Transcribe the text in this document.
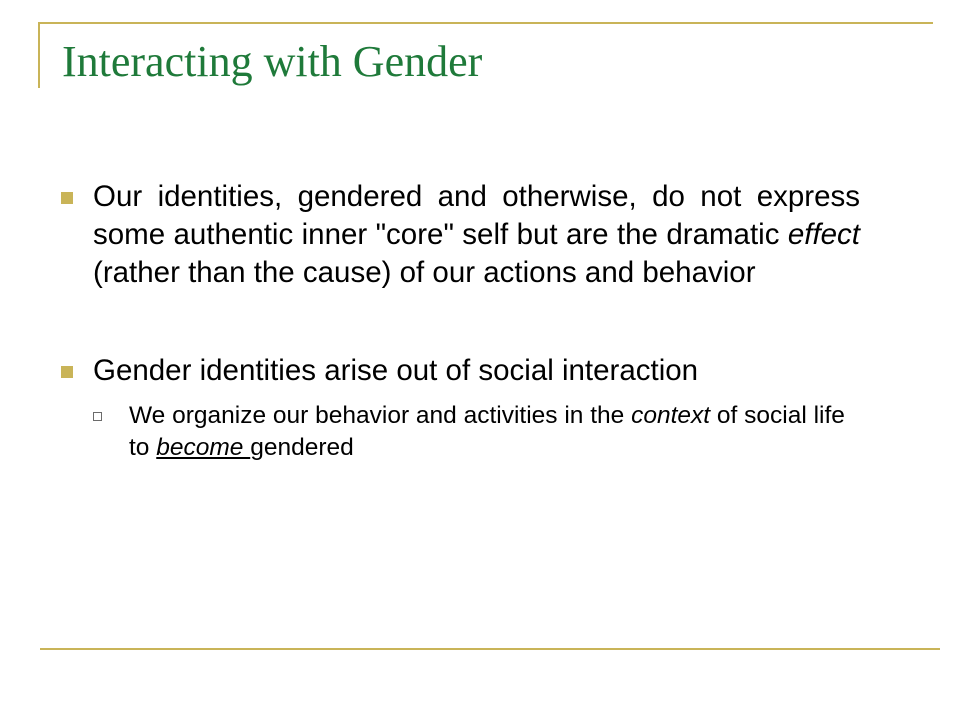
Interacting with Gender
Our identities, gendered and otherwise, do not express some authentic inner "core" self but are the dramatic effect (rather than the cause) of our actions and behavior
Gender identities arise out of social interaction
We organize our behavior and activities in the context of social life to become gendered
